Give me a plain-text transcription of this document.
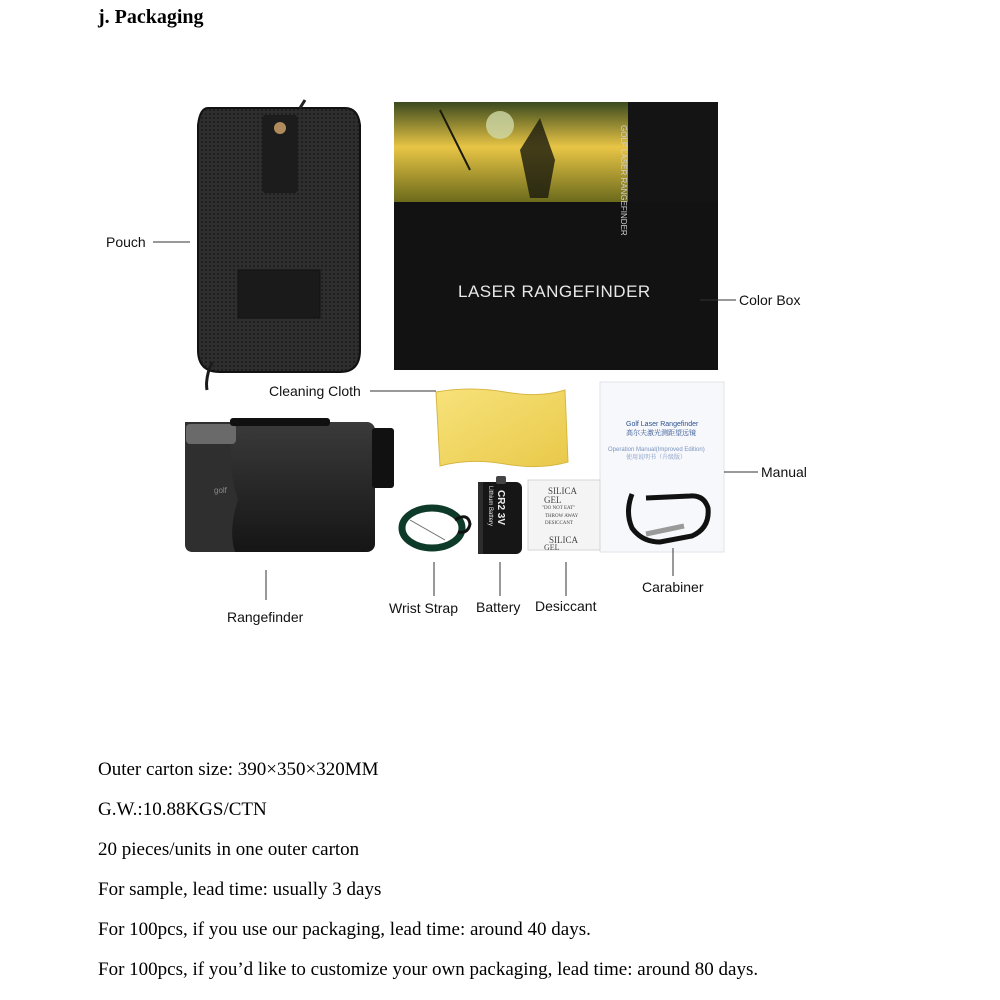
j. Packaging
LASER RANGEFINDER
GOLF LASER RANGEFINDER
Golf Laser Rangefinder
高尔夫激光测距望远镜
Operation Manual(Improved Edition)
使用说明书（升级版）
golf	CR2 3V
Lithium Battery	SILICA
GEL
"DO NOT EAT"
THROW AWAY
DESICCANT
SILICA
GEL
Pouch
Color Box
Cleaning Cloth
Manual
Rangefinder
Wrist Strap Battery Desiccant
Carabiner
Outer carton size: 390×350×320MM
G.W.:10.88KGS/CTN
20 pieces/units in one outer carton
For sample, lead time: usually 3 days
For 100pcs, if you use our packaging, lead time: around 40 days.
For 100pcs, if you’d like to customize your own packaging, lead time: around 80 days.
